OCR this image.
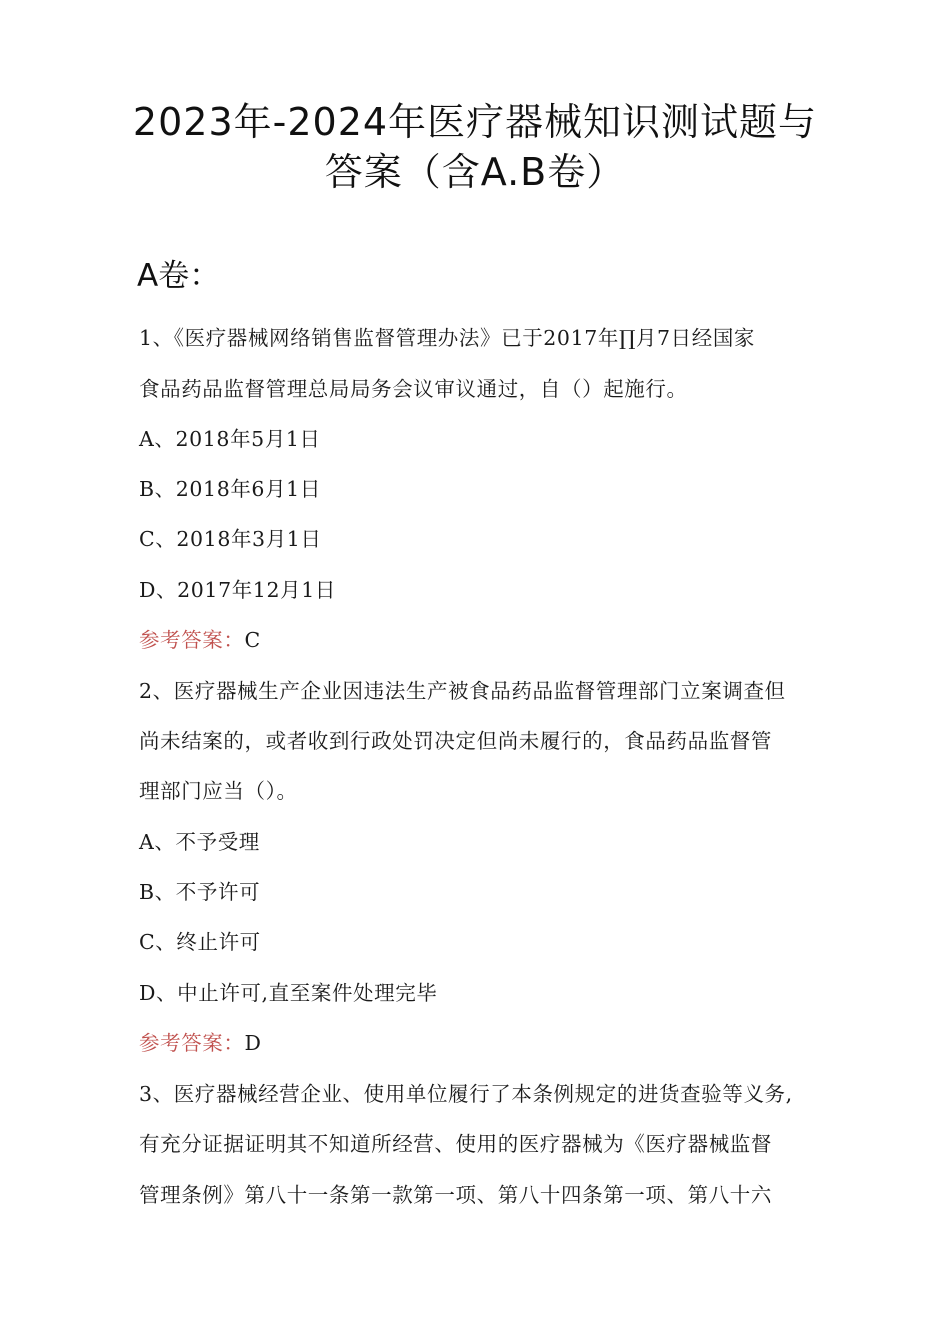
2023年-2024年医疗器械知识测试题与
答案（含A.B卷）
A卷：
1、《医疗器械网络销售监督管理办法》已于2017年∏月7日经国家
食品药品监督管理总局局务会议审议通过，自（）起施行。
A、2018年5月1日
B、2018年6月1日
C、2018年3月1日
D、2017年12月1日
参考答案：C
2、医疗器械生产企业因违法生产被食品药品监督管理部门立案调查但
尚未结案的，或者收到行政处罚决定但尚未履行的，食品药品监督管
理部门应当（）。
A、不予受理
B、不予许可
C、终止许可
D、中止许可,直至案件处理完毕
参考答案：D
3、医疗器械经营企业、使用单位履行了本条例规定的进货查验等义务,
有充分证据证明其不知道所经营、使用的医疗器械为《医疗器械监督
管理条例》第八十一条第一款第一项、第八十四条第一项、第八十六
